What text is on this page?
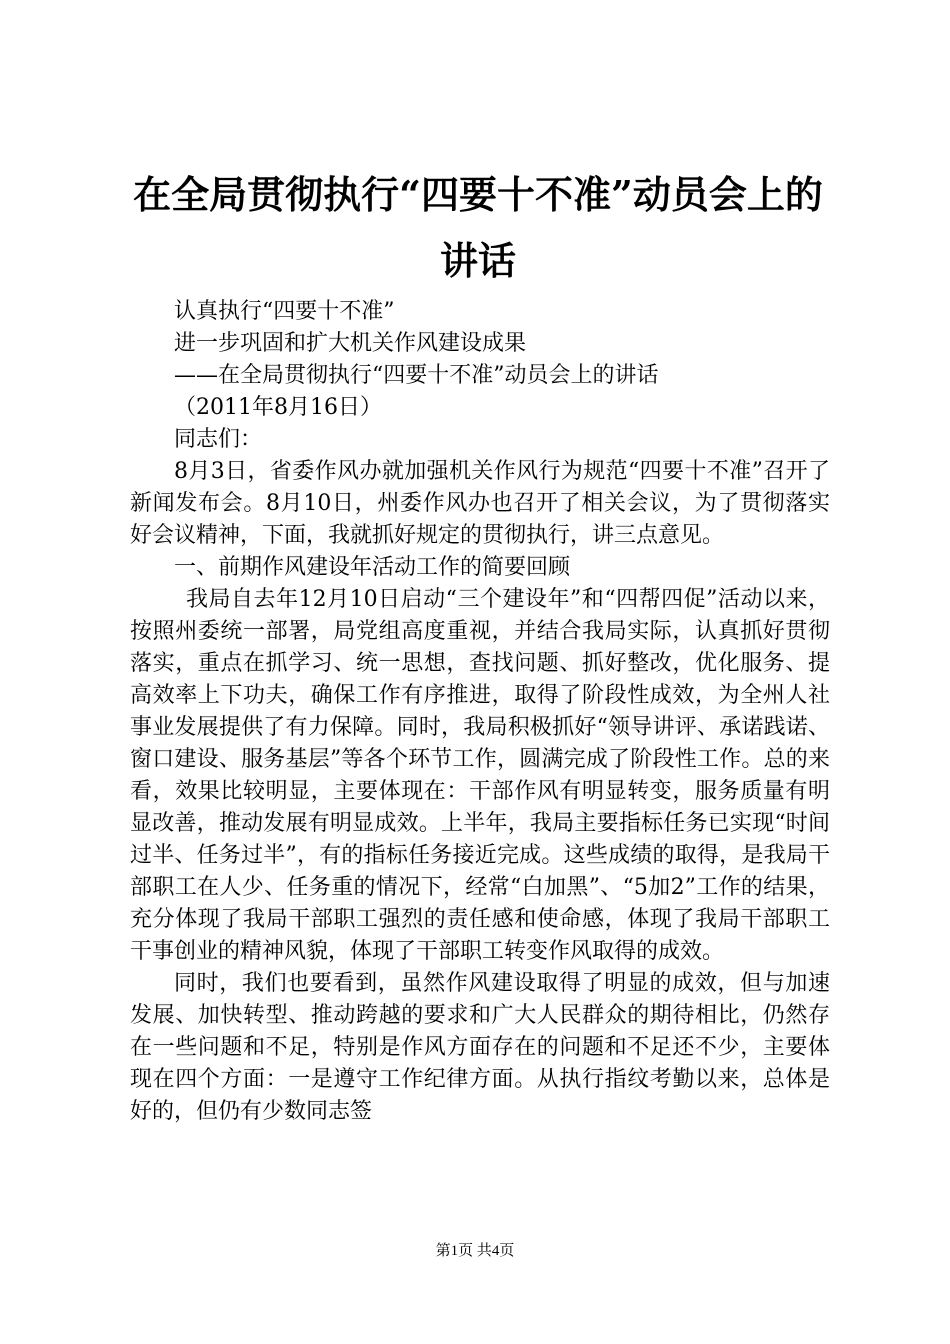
在全局贯彻执行“四要十不准”动员会上的讲话
认真执行“四要十不准”
进一步巩固和扩大机关作风建设成果
——在全局贯彻执行“四要十不准”动员会上的讲话
（2011年8月16日）
同志们：

8月3日，省委作风办就加强机关作风行为规范“四要十不准”召开了新闻发布会。8月10日，州委作风办也召开了相关会议，为了贯彻落实好会议精神，下面，我就抓好规定的贯彻执行，讲三点意见。

一、前期作风建设年活动工作的简要回顾

我局自去年12月10日启动“三个建设年”和“四帮四促”活动以来，按照州委统一部署，局党组高度重视，并结合我局实际，认真抓好贯彻落实，重点在抓学习、统一思想，查找问题、抓好整改，优化服务、提高效率上下功夫，确保工作有序推进，取得了阶段性成效，为全州人社事业发展提供了有力保障。同时，我局积极抓好“领导讲评、承诺践诺、窗口建设、服务基层”等各个环节工作，圆满完成了阶段性工作。总的来看，效果比较明显，主要体现在：干部作风有明显转变，服务质量有明显改善，推动发展有明显成效。上半年，我局主要指标任务已实现“时间过半、任务过半”，有的指标任务接近完成。这些成绩的取得，是我局干部职工在人少、任务重的情况下，经常“白加黑”、“5加2”工作的结果，充分体现了我局干部职工强烈的责任感和使命感，体现了我局干部职工干事创业的精神风貌，体现了干部职工转变作风取得的成效。

同时，我们也要看到，虽然作风建设取得了明显的成效，但与加速发展、加快转型、推动跨越的要求和广大人民群众的期待相比，仍然存在一些问题和不足，特别是作风方面存在的问题和不足还不少，主要体现在四个方面：一是遵守工作纪律方面。从执行指纹考勤以来，总体是好的，但仍有少数同志签

第1页 共4页
